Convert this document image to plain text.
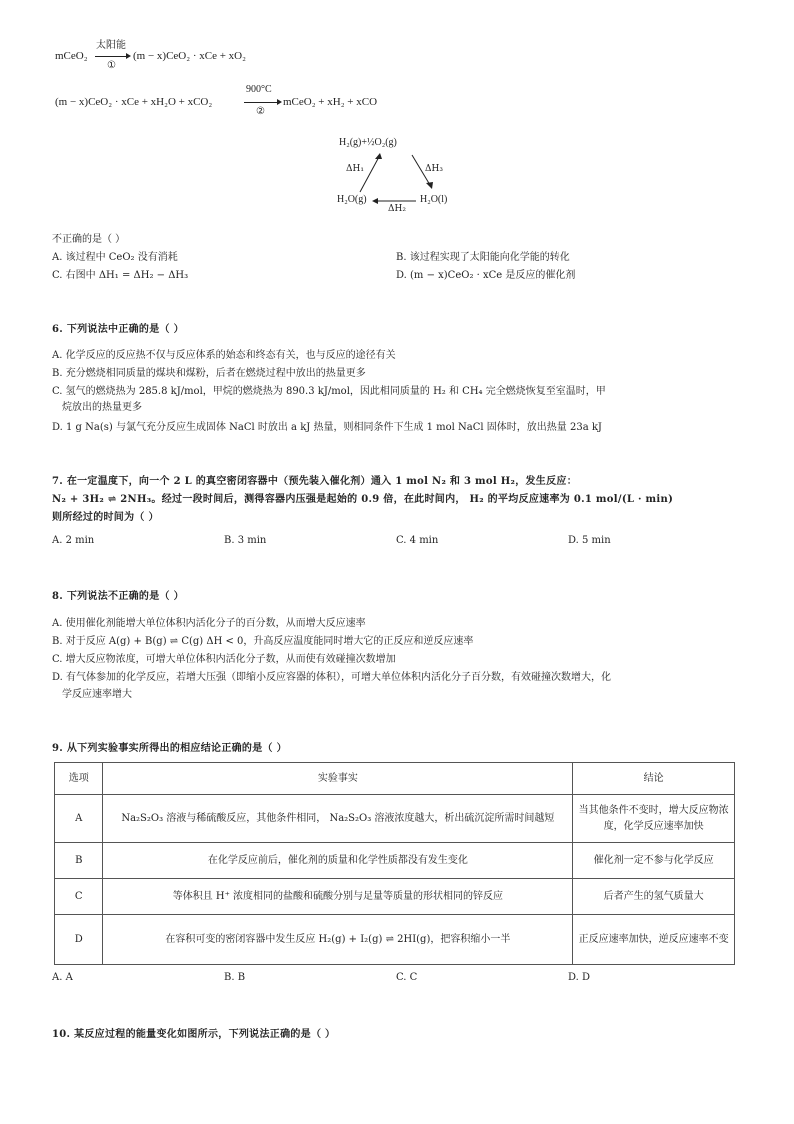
mCeO₂
太阳能
①
(m − x)CeO₂ · xCe + xO₂
(m − x)CeO₂ · xCe + xH₂O + xCO₂
900°C
②
mCeO₂ + xH₂ + xCO
H₂(g)+½O₂(g)
H₂O(g)	H₂O(l)
ΔH₁
ΔH₂
ΔH₃
不正确的是（ ）
A. 该过程中 CeO₂ 没有消耗	B. 该过程实现了太阳能向化学能的转化
C. 右图中 ΔH₁ = ΔH₂ − ΔH₃	D. (m − x)CeO₂ · xCe 是反应的催化剂
6. 下列说法中正确的是（ ）
A. 化学反应的反应热不仅与反应体系的始态和终态有关，也与反应的途径有关
B. 充分燃烧相同质量的煤块和煤粉，后者在燃烧过程中放出的热量更多
C. 氢气的燃烧热为 285.8 kJ/mol，甲烷的燃烧热为 890.3 kJ/mol，因此相同质量的 H₂ 和 CH₄ 完全燃烧恢复至室温时，甲
烷放出的热量更多
D. 1 g Na(s) 与氯气充分反应生成固体 NaCl 时放出 a kJ 热量，则相同条件下生成 1 mol NaCl 固体时，放出热量 23a kJ
7. 在一定温度下，向一个 2 L 的真空密闭容器中（预先装入催化剂）通入 1 mol N₂ 和 3 mol H₂，发生反应：
N₂ + 3H₂ ⇌ 2NH₃。经过一段时间后，测得容器内压强是起始的 0.9 倍，在此时间内， H₂ 的平均反应速率为 0.1 mol/(L · min)
则所经过的时间为（ ）
A. 2 min	B. 3 min	C. 4 min	D. 5 min
8. 下列说法不正确的是（ ）
A. 使用催化剂能增大单位体积内活化分子的百分数，从而增大反应速率
B. 对于反应 A(g) + B(g) ⇌ C(g) ΔH < 0，升高反应温度能同时增大它的正反应和逆反应速率
C. 增大反应物浓度，可增大单位体积内活化分子数，从而使有效碰撞次数增加
D. 有气体参加的化学反应，若增大压强（即缩小反应容器的体积），可增大单位体积内活化分子百分数，有效碰撞次数增大，化
学反应速率增大
9. 从下列实验事实所得出的相应结论正确的是（ ）
选项	实验事实	结论
A	Na₂S₂O₃ 溶液与稀硫酸反应，其他条件相同， Na₂S₂O₃ 溶液浓度越大，析出硫沉淀所需时间越短	当其他条件不变时，增大反应物浓度，化学反应速率加快
B	在化学反应前后，催化剂的质量和化学性质都没有发生变化	催化剂一定不参与化学反应
C	等体积且 H⁺ 浓度相同的盐酸和硫酸分别与足量等质量的形状相同的锌反应	后者产生的氢气质量大
D	在容积可变的密闭容器中发生反应 H₂(g) + I₂(g) ⇌ 2HI(g)，把容积缩小一半	正反应速率加快，逆反应速率不变
A. A	B. B	C. C	D. D
10. 某反应过程的能量变化如图所示，下列说法正确的是（ ）
